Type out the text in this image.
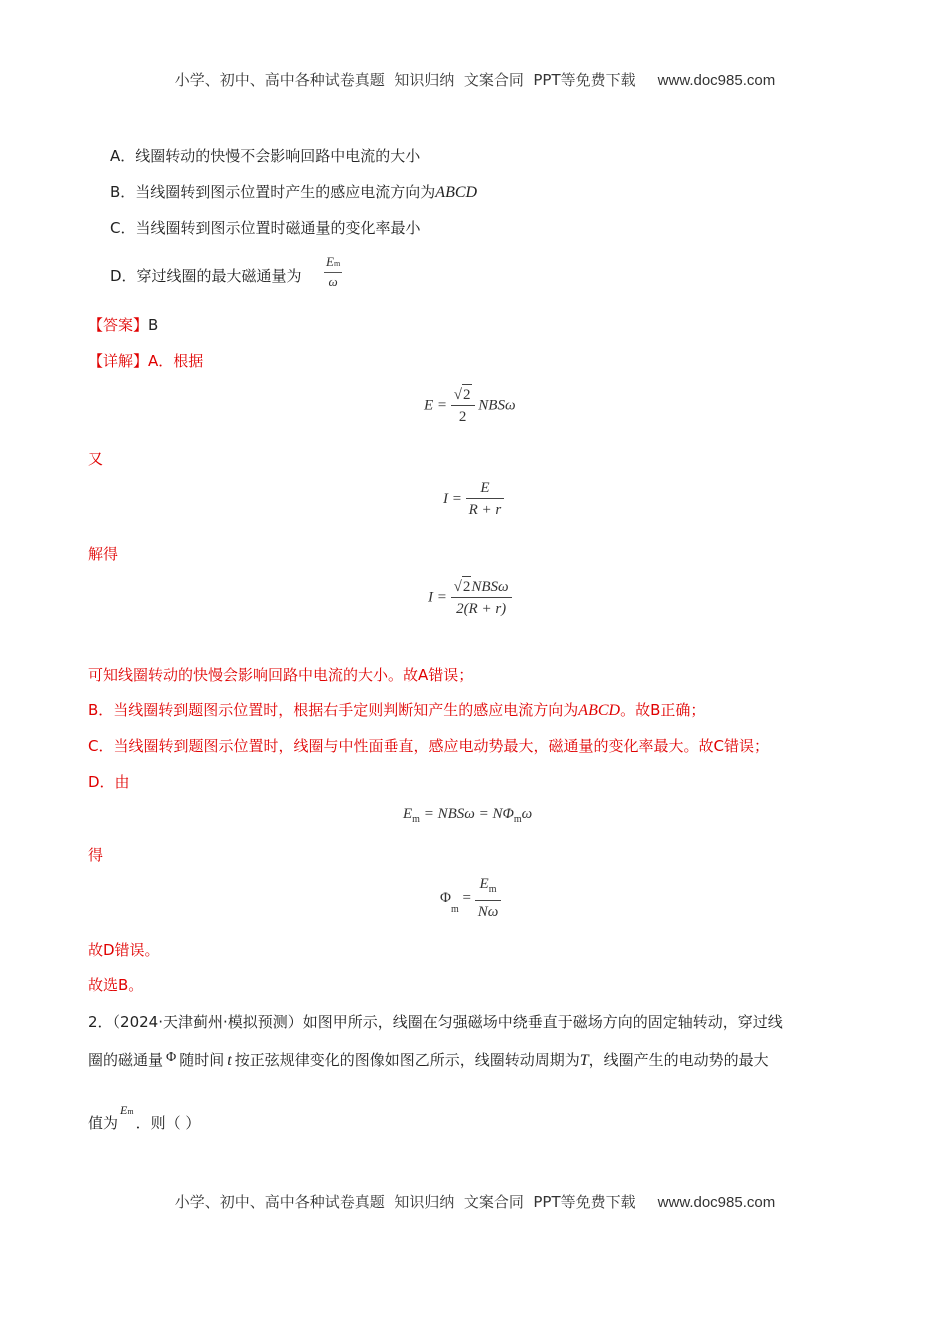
小学、初中、高中各种试卷真题  知识归纳  文案合同  PPT等免费下载 www.doc985.com
A．线圈转动的快慢不会影响回路中电流的大小
B．当线圈转到图示位置时产生的感应电流方向为ABCD
C．当线圈转到图示位置时磁通量的变化率最小
D．穿过线圈的最大磁通量为 $\frac{Em}{\omega}$
【答案】B
【详解】A．根据
$E = \frac{√2}{2}$ NBSω
又
$I = \frac{E}{R + r}$
解得
$I = \frac{\text{√2NBSω}}{2(R + r)}$
可知线圈转动的快慢会影响回路中电流的大小。故A错误；
B．当线圈转到题图示位置时，根据右手定则判断知产生的感应电流方向为ABCD。故B正确；
C．当线圈转到题图示位置时，线圈与中性面垂直，感应电动势最大，磁通量的变化率最大。故C错误；
D．由
$E_m = NBS\omega = N\Phi_m\omega$
得
$\Phi_m = \frac{E_m}{N\omega}$
故D错误。
故选B。
2．（2024·天津蓟州·模拟预测）如图甲所示，线圈在匀强磁场中绕垂直于磁场方向的固定轴转动，穿过线
圈的磁通量 Φ 随时间 t 按正弦规律变化的图像如图乙所示，线圈转动周期为T，线圈产生的电动势的最大
值为$^{Em}$．则（ ）
小学、初中、高中各种试卷真题  知识归纳  文案合同  PPT等免费下载 www.doc985.com
